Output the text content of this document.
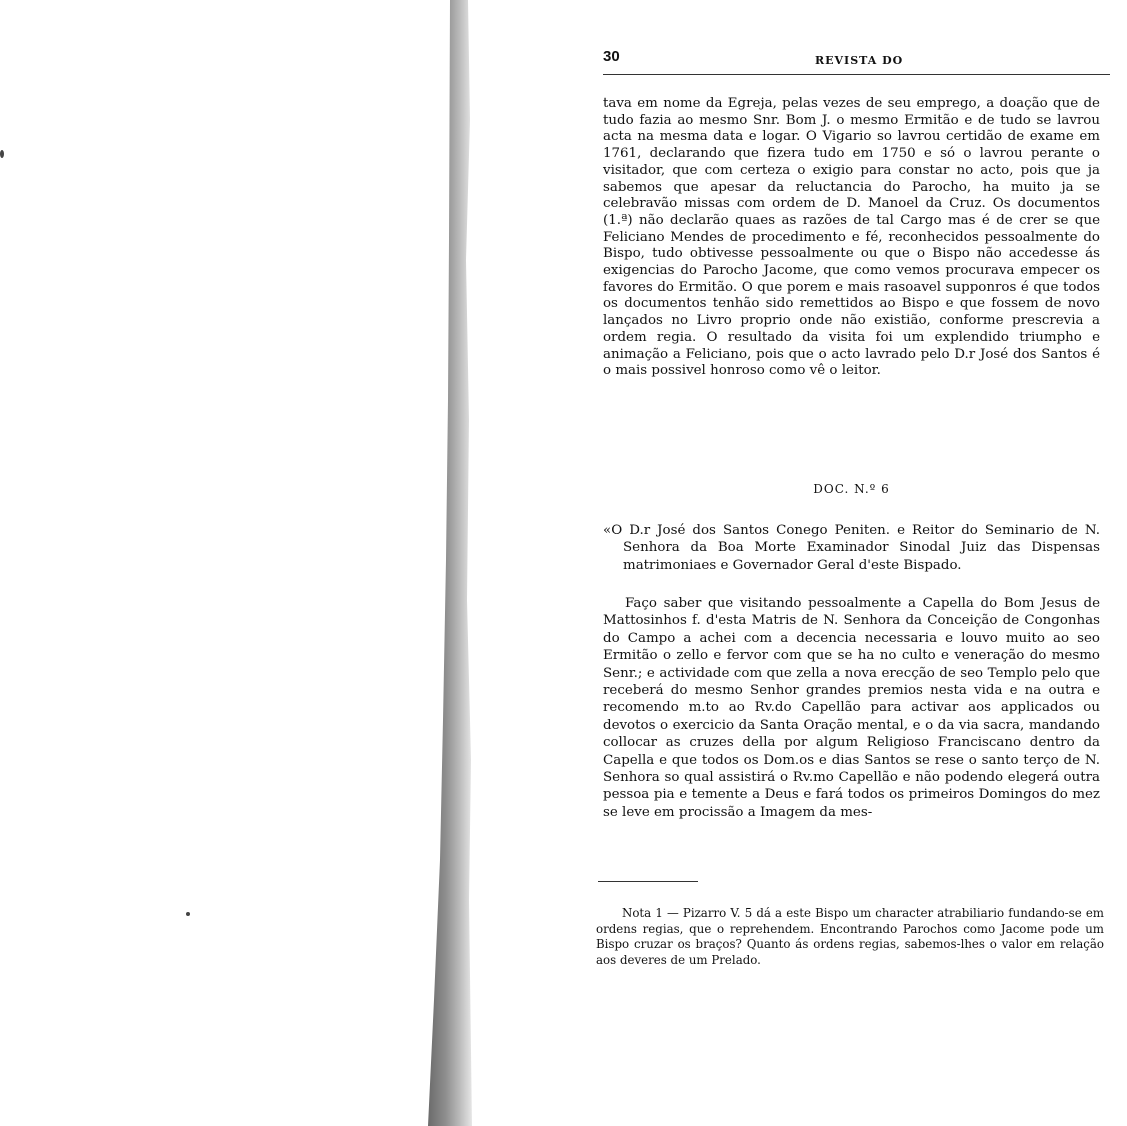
30	REVISTA DO

tava em nome da Egreja, pelas vezes de seu emprego, a doação que de tudo fazia ao mesmo Snr. Bom J. o mesmo Ermitão e de tudo se lavrou acta na mesma data e logar. O Vigario so lavrou certidão de exame em 1761, declarando que fizera tudo em 1750 e só o lavrou perante o visitador, que com certeza o exigio para constar no acto, pois que ja sabemos que apesar da reluctancia do Parocho, ha muito ja se celebravão missas com ordem de D. Manoel da Cruz. Os documentos (1.ª) não declarão quaes as razões de tal Cargo mas é de crer se que Feliciano Mendes de procedimento e fé, reconhecidos pessoalmente do Bispo, tudo obtivesse pessoalmente ou que o Bispo não accedesse ás exigencias do Parocho Jacome, que como vemos procurava empecer os favores do Ermitão. O que porem e mais rasoavel supponros é que todos os documentos tenhão sido remettidos ao Bispo e que fossem de novo lançados no Livro proprio onde não existião, conforme prescrevia a ordem regia. O resultado da visita foi um explendido triumpho e animação a Feliciano, pois que o acto lavrado pelo D.r José dos Santos é o mais possivel honroso como vê o leitor.

DOC. N.º 6

«O D.r José dos Santos Conego Peniten. e Reitor do Seminario de N. Senhora da Boa Morte Examinador Sinodal Juiz das Dispensas matrimoniaes e Governador Geral d'este Bispado.

Faço saber que visitando pessoalmente a Capella do Bom Jesus de Mattosinhos f. d'esta Matris de N. Senhora da Conceição de Congonhas do Campo a achei com a decencia necessaria e louvo muito ao seo Ermitão o zello e fervor com que se ha no culto e veneração do mesmo Senr.; e actividade com que zella a nova erecção de seo Templo pelo que receberá do mesmo Senhor grandes premios nesta vida e na outra e recomendo m.to ao Rv.do Capellão para activar aos applicados ou devotos o exercicio da Santa Oração mental, e o da via sacra, mandando collocar as cruzes della por algum Religioso Franciscano dentro da Capella e que todos os Dom.os e dias Santos se rese o santo terço de N. Senhora so qual assistirá o Rv.mo Capellão e não podendo elegerá outra pessoa pia e temente a Deus e fará todos os primeiros Domingos do mez se leve em procissão a Imagem da mes-

Nota 1 — Pizarro V. 5 dá a este Bispo um character atrabiliario fundando-se em ordens regias, que o reprehendem. Encontrando Parochos como Jacome pode um Bispo cruzar os braços? Quanto ás ordens regias, sabemos-lhes o valor em relação aos deveres de um Prelado.
